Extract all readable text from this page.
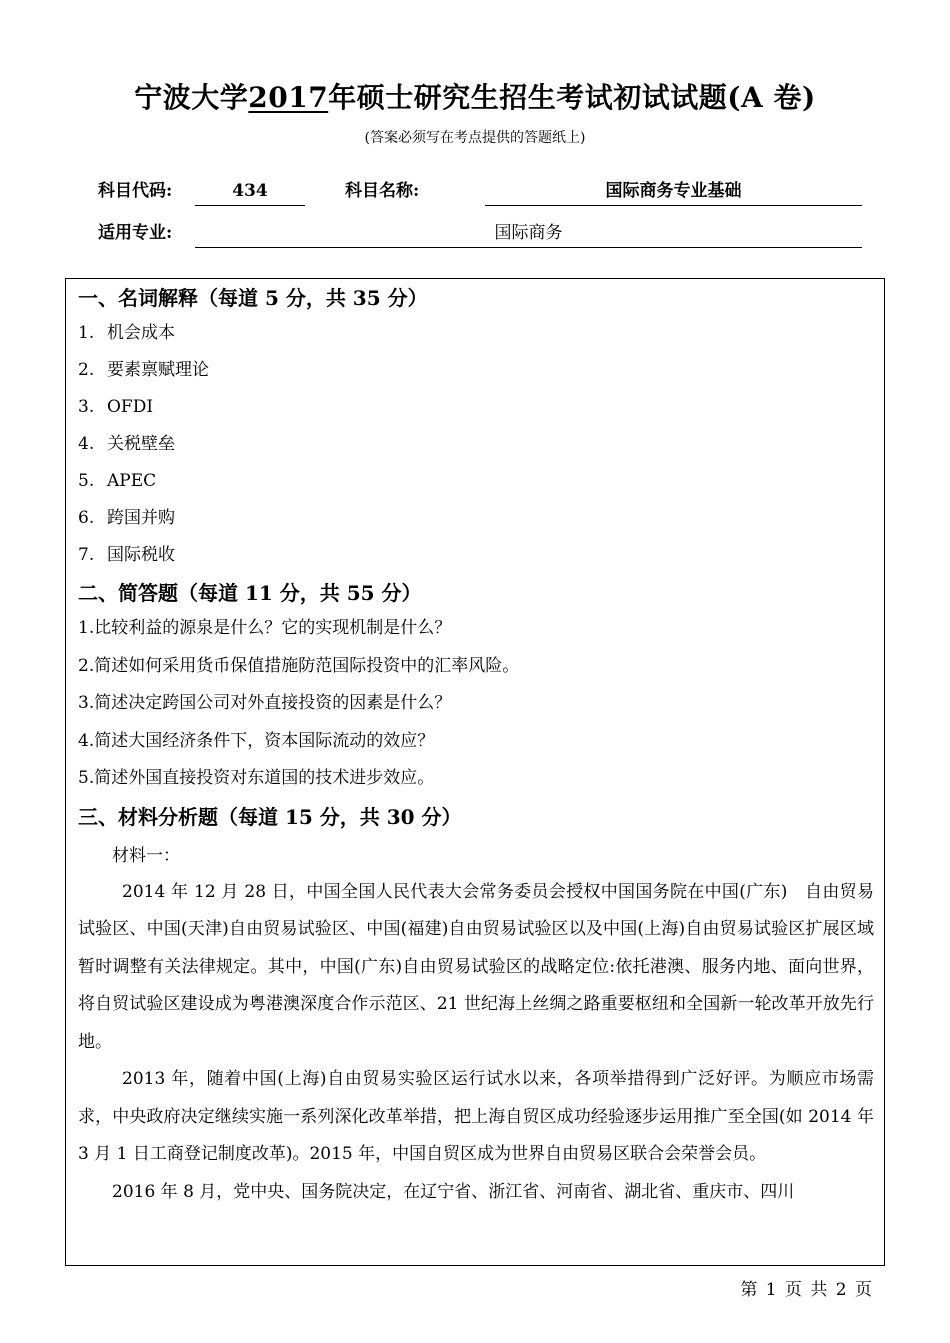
宁波大学2017年硕士研究生招生考试初试试题(A 卷)
(答案必须写在考点提供的答题纸上)
科目代码:	434	科目名称:	国际商务专业基础
适用专业:	国际商务
一、名词解释（每道 5 分，共 35 分）
1. 机会成本
2. 要素禀赋理论
3. OFDI
4. 关税壁垒
5. APEC
6. 跨国并购
7. 国际税收
二、简答题（每道 11 分，共 55 分）
1.比较利益的源泉是什么？它的实现机制是什么？
2.简述如何采用货币保值措施防范国际投资中的汇率风险。
3.简述决定跨国公司对外直接投资的因素是什么？
4.简述大国经济条件下，资本国际流动的效应？
5.简述外国直接投资对东道国的技术进步效应。
三、材料分析题（每道 15 分，共 30 分）
材料一：

2014 年 12 月 28 日，中国全国人民代表大会常务委员会授权中国国务院在中国(广东)　自由贸易试验区、中国(天津)自由贸易试验区、中国(福建)自由贸易试验区以及中国(上海)自由贸易试验区扩展区域暂时调整有关法律规定。其中，中国(广东)自由贸易试验区的战略定位:依托港澳、服务内地、面向世界，将自贸试验区建设成为粤港澳深度合作示范区、21 世纪海上丝绸之路重要枢纽和全国新一轮改革开放先行地。

2013 年，随着中国(上海)自由贸易实验区运行试水以来，各项举措得到广泛好评。为顺应市场需求，中央政府决定继续实施一系列深化改革举措，把上海自贸区成功经验逐步运用推广至全国(如 2014 年 3 月 1 日工商登记制度改革)。2015 年，中国自贸区成为世界自由贸易区联合会荣誉会员。

2016 年 8 月，党中央、国务院决定，在辽宁省、浙江省、河南省、湖北省、重庆市、四川

第 1 页 共 2 页
